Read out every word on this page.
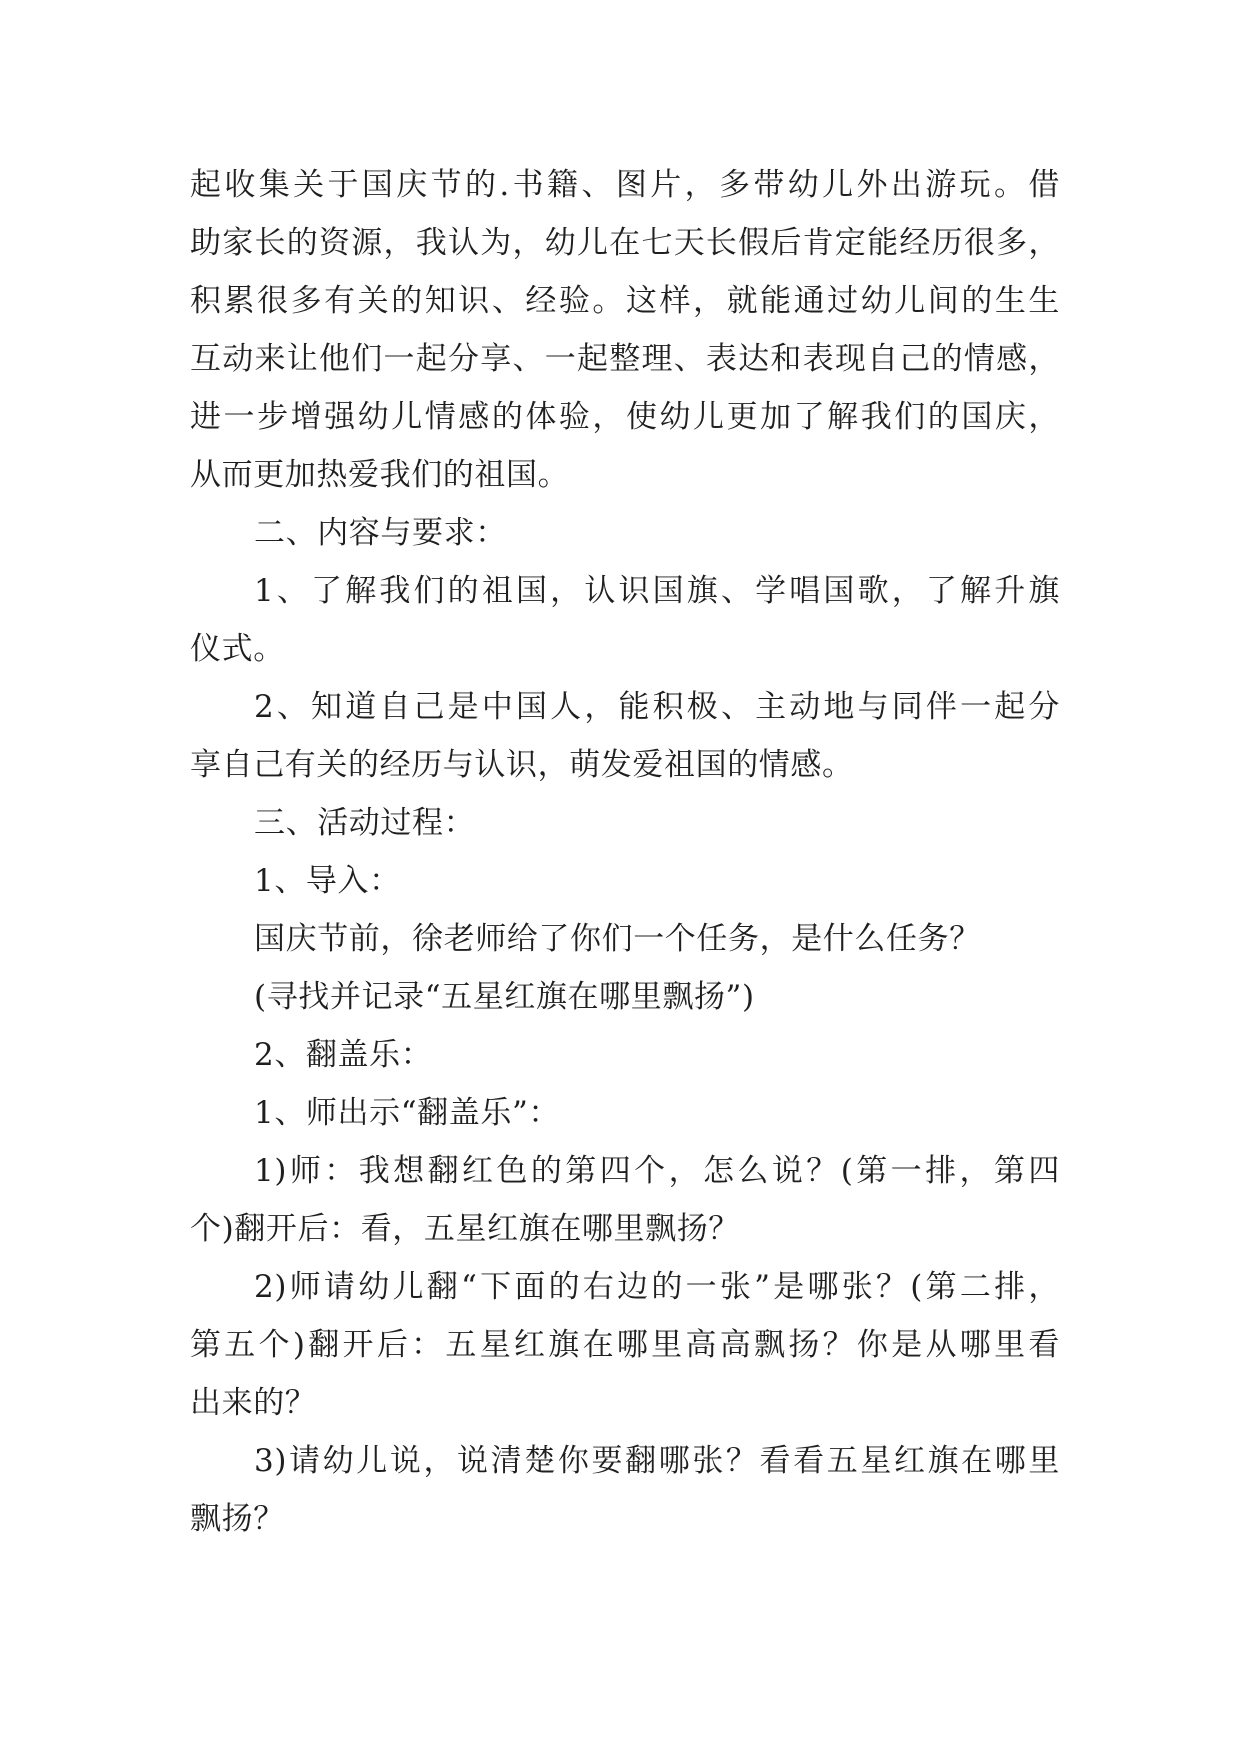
起收集关于国庆节的.书籍、图片，多带幼儿外出游玩。借
助家长的资源，我认为，幼儿在七天长假后肯定能经历很多，
积累很多有关的知识、经验。这样，就能通过幼儿间的生生
互动来让他们一起分享、一起整理、表达和表现自己的情感，
进一步增强幼儿情感的体验，使幼儿更加了解我们的国庆，
从而更加热爱我们的祖国。
二、内容与要求：
1、了解我们的祖国，认识国旗、学唱国歌，了解升旗
仪式。
2、知道自己是中国人，能积极、主动地与同伴一起分
享自己有关的经历与认识，萌发爱祖国的情感。
三、活动过程：
1、导入：
国庆节前，徐老师给了你们一个任务，是什么任务？
(寻找并记录“五星红旗在哪里飘扬”)
2、翻盖乐：
1、师出示“翻盖乐”：
1)师：我想翻红色的第四个，怎么说？(第一排，第四
个)翻开后：看，五星红旗在哪里飘扬？
2)师请幼儿翻“下面的右边的一张”是哪张？(第二排，
第五个)翻开后：五星红旗在哪里高高飘扬？你是从哪里看
出来的？
3)请幼儿说，说清楚你要翻哪张？看看五星红旗在哪里
飘扬？
